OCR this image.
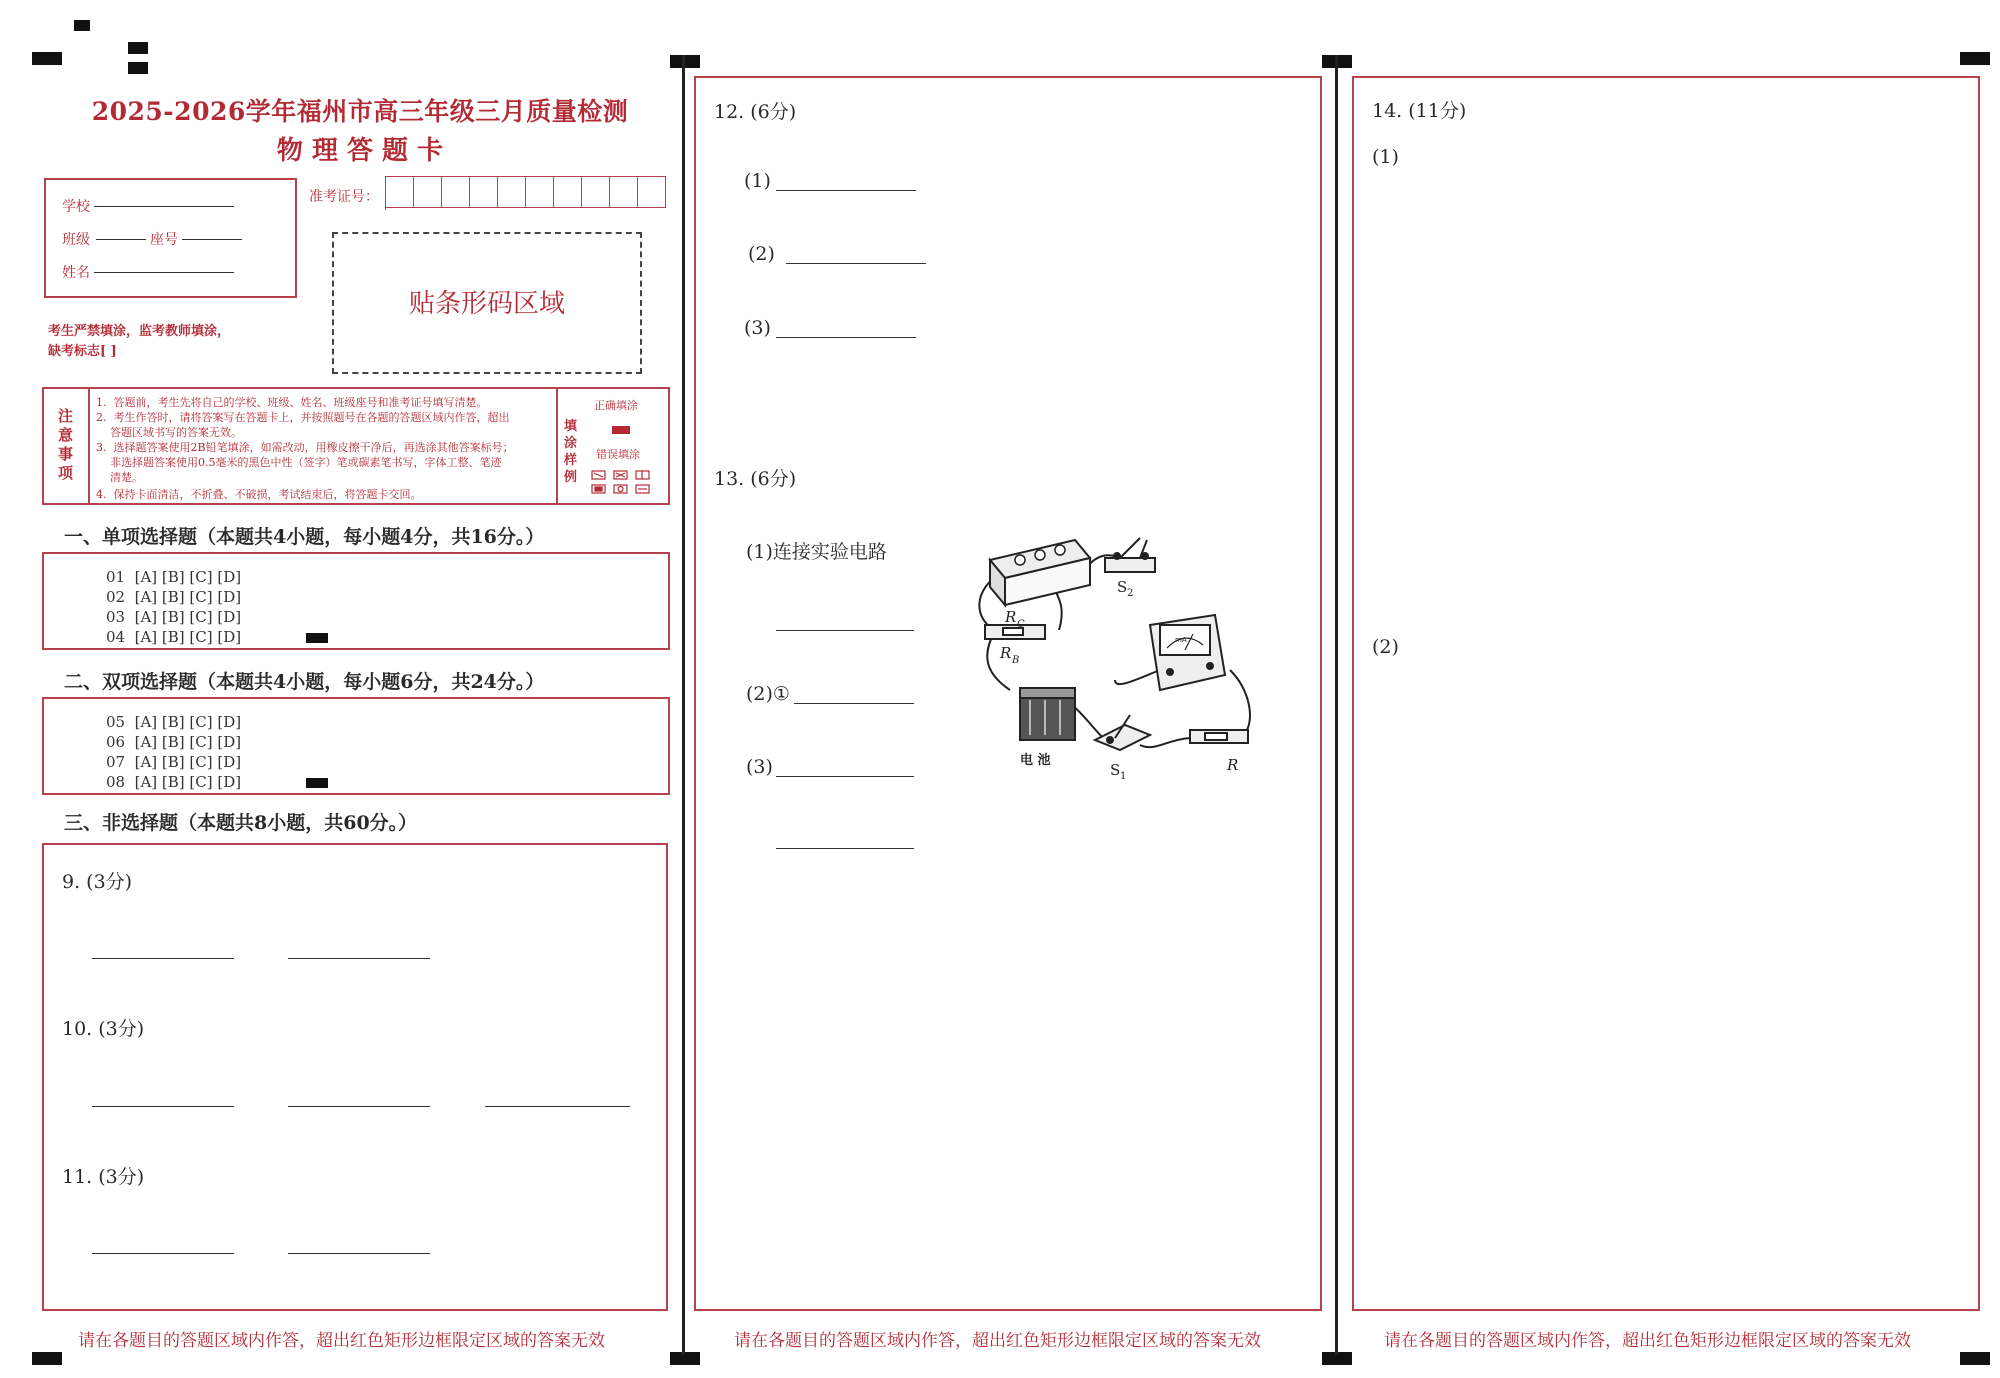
2025-2026学年福州市高三年级三月质量检测
物 理 答 题 卡
学校
班级	座号
姓名
准考证号：
贴条形码区域
考生严禁填涂，监考教师填涂，
缺考标志[ ]
注意事项
1.  答题前，考生先将自己的学校、班级、姓名、班级座号和准考证号填写清楚。
2.  考生作答时，请将答案写在答题卡上，并按照题号在各题的答题区域内作答，超出
答题区域书写的答案无效。
3.  选择题答案使用2B铅笔填涂，如需改动，用橡皮擦干净后，再选涂其他答案标号；
非选择题答案使用0.5毫米的黑色中性（签字）笔或碳素笔书写，字体工整、笔迹
清楚。
4.  保持卡面清洁，不折叠、不破损，考试结束后，将答题卡交回。
填涂样例
正确填涂
错误填涂
一、单项选择题（本题共4小题，每小题4分，共16分。）
01  [A] [B] [C] [D]
02  [A] [B] [C] [D]
03  [A] [B] [C] [D]
04  [A] [B] [C] [D]
二、双项选择题（本题共4小题，每小题6分，共24分。）
05  [A] [B] [C] [D]
06  [A] [B] [C] [D]
07  [A] [B] [C] [D]
08  [A] [B] [C] [D]
三、非选择题（本题共8小题，共60分。）
9. (3分)
10. (3分)
11. (3分)
请在各题目的答题区域内作答，超出红色矩形边框限定区域的答案无效
12. (6分)
(1)
(2)
(3)
13. (6分)
(1)连接实验电路
(2)①
(3)
R C
R B
S 2
S 1
R
电 池
mA
请在各题目的答题区域内作答，超出红色矩形边框限定区域的答案无效
14. (11分)
(1)
(2)
请在各题目的答题区域内作答，超出红色矩形边框限定区域的答案无效
